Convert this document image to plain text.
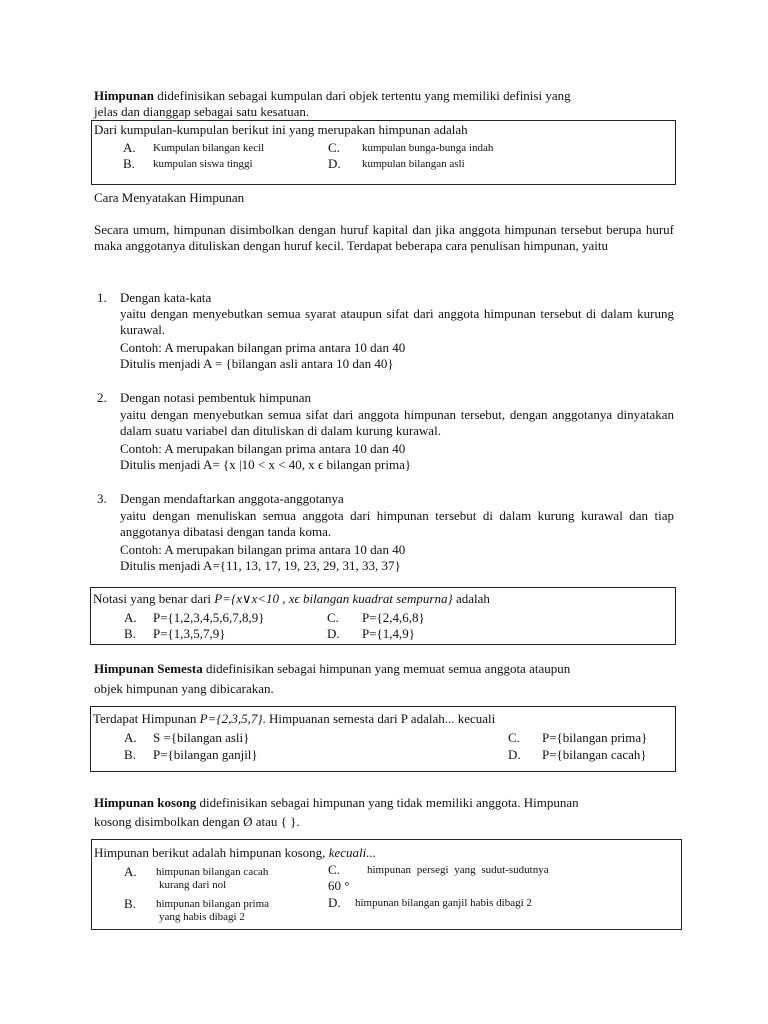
Himpunan didefinisikan sebagai kumpulan dari objek tertentu yang memiliki definisi yang
jelas dan dianggap sebagai satu kesatuan.
Dari kumpulan-kumpulan berikut ini yang merupakan himpunan adalah
A. Kumpulan bilangan kecil
B. kumpulan siswa tinggi
C. kumpulan bunga-bunga indah
D. kumpulan bilangan asli
Cara Menyatakan Himpunan
Secara umum, himpunan disimbolkan dengan huruf kapital dan jika anggota himpunan tersebut berupa huruf maka anggotanya dituliskan dengan huruf kecil. Terdapat beberapa cara penulisan himpunan, yaitu
1. Dengan kata-kata
yaitu dengan menyebutkan semua syarat ataupun sifat dari anggota himpunan tersebut di dalam kurung kurawal.
Contoh: A merupakan bilangan prima antara 10 dan 40
Ditulis menjadi A = {bilangan asli antara 10 dan 40}
2. Dengan notasi pembentuk himpunan
yaitu dengan menyebutkan semua sifat dari anggota himpunan tersebut, dengan anggotanya dinyatakan dalam suatu variabel dan dituliskan di dalam kurung kurawal.
Contoh: A merupakan bilangan prima antara 10 dan 40
Ditulis menjadi A= {x |10 < x < 40, x ϵ bilangan prima}
3. Dengan mendaftarkan anggota-anggotanya
yaitu dengan menuliskan semua anggota dari himpunan tersebut di dalam kurung kurawal dan tiap anggotanya dibatasi dengan tanda koma.
Contoh: A merupakan bilangan prima antara 10 dan 40
Ditulis menjadi A={11, 13, 17, 19, 23, 29, 31, 33, 37}
Notasi yang benar dari P={x∨x<10 , xϵ bilangan kuadrat sempurna} adalah
A. P={1,2,3,4,5,6,7,8,9}
B. P={1,3,5,7,9}
C. P={2,4,6,8}
D. P={1,4,9}
Himpunan Semesta didefinisikan sebagai himpunan yang memuat semua anggota ataupun
objek himpunan yang dibicarakan.
Terdapat Himpunan P={2,3,5,7}. Himpuanan semesta dari P adalah... kecuali
A. S ={bilangan asli}
B. P={bilangan ganjil}
C. P={bilangan prima}
D. P={bilangan cacah}
Himpunan kosong didefinisikan sebagai himpunan yang tidak memiliki anggota. Himpunan
kosong disimbolkan dengan Ø atau { }.
Himpunan berikut adalah himpunan kosong, kecuali...
A. himpunan bilangan cacah
kurang dari nol
B. himpunan bilangan prima
yang habis dibagi 2
C. himpunan persegi yang sudut-sudutnya
60 °
D. himpunan bilangan ganjil habis dibagi 2
